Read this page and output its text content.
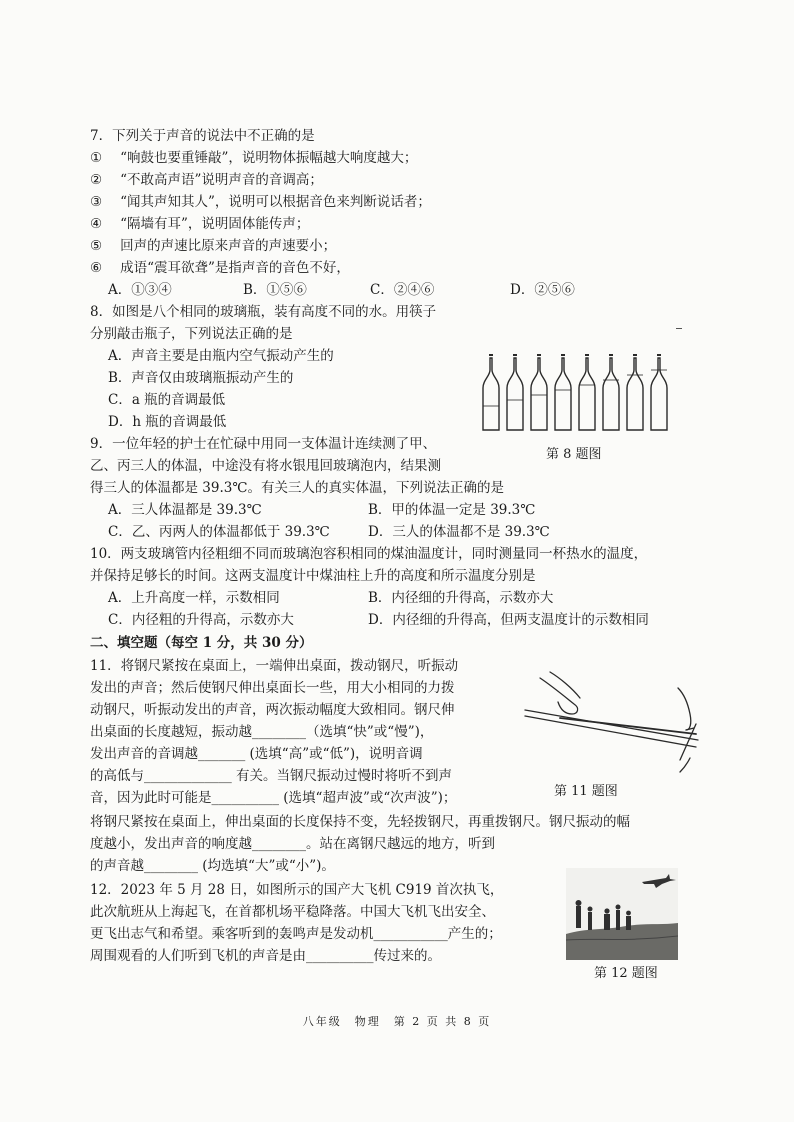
7．下列关于声音的说法中不正确的是
① “响鼓也要重锤敲”，说明物体振幅越大响度越大；
② “不敢高声语”说明声音的音调高；
③ “闻其声知其人”，说明可以根据音色来判断说话者；
④ “隔墙有耳”，说明固体能传声；
⑤ 回声的声速比原来声音的声速要小；
⑥ 成语“震耳欲聋”是指声音的音色不好，
A．①③④	B．①⑤⑥	C．②④⑥	D．②⑤⑥
8．如图是八个相同的玻璃瓶，装有高度不同的水。用筷子
分别敲击瓶子，下列说法正确的是
A．声音主要是由瓶内空气振动产生的
B．声音仅由玻璃瓶振动产生的
C．a 瓶的音调最低
D．h 瓶的音调最低
第 8 题图
9．一位年轻的护士在忙碌中用同一支体温计连续测了甲、
乙、丙三人的体温，中途没有将水银甩回玻璃泡内，结果测
得三人的体温都是 39.3℃。有关三人的真实体温，下列说法正确的是
A．三人体温都是 39.3℃	B．甲的体温一定是 39.3℃
C．乙、丙两人的体温都低于 39.3℃	D．三人的体温都不是 39.3℃
10．两支玻璃管内径粗细不同而玻璃泡容积相同的煤油温度计，同时测量同一杯热水的温度，
并保持足够长的时间。这两支温度计中煤油柱上升的高度和所示温度分别是
A．上升高度一样，示数相同	B．内径细的升得高，示数亦大
C．内径粗的升得高，示数亦大	D．内径细的升得高，但两支温度计的示数相同
二、填空题（每空 1 分，共 30 分）
11．将钢尺紧按在桌面上，一端伸出桌面，拨动钢尺，听振动
发出的声音；然后使钢尺伸出桌面长一些，用大小相同的力拨
动钢尺，听振动发出的声音，两次振动幅度大致相同。钢尺伸
出桌面的长度越短，振动越________（选填“快”或“慢”)，
发出声音的音调越_______ (选填“高”或“低”)，说明音调
的高低与_____________ 有关。当钢尺振动过慢时将听不到声
音，因为此时可能是__________ (选填“超声波”或“次声波”)；
将钢尺紧按在桌面上，伸出桌面的长度保持不变，先轻拨钢尺，再重拨钢尺。钢尺振动的幅
度越小，发出声音的响度越________。站在离钢尺越远的地方，听到
的声音越________ (均选填“大”或“小”)。
第 11 题图
12．2023 年 5 月 28 日，如图所示的国产大飞机 C919 首次执飞，
此次航班从上海起飞，在首都机场平稳降落。中国大飞机飞出安全、
更飞出志气和希望。乘客听到的轰鸣声是发动机___________产生的；
周围观看的人们听到飞机的声音是由__________传过来的。
第 12 题图
八年级　物理　第 2 页 共 8 页
